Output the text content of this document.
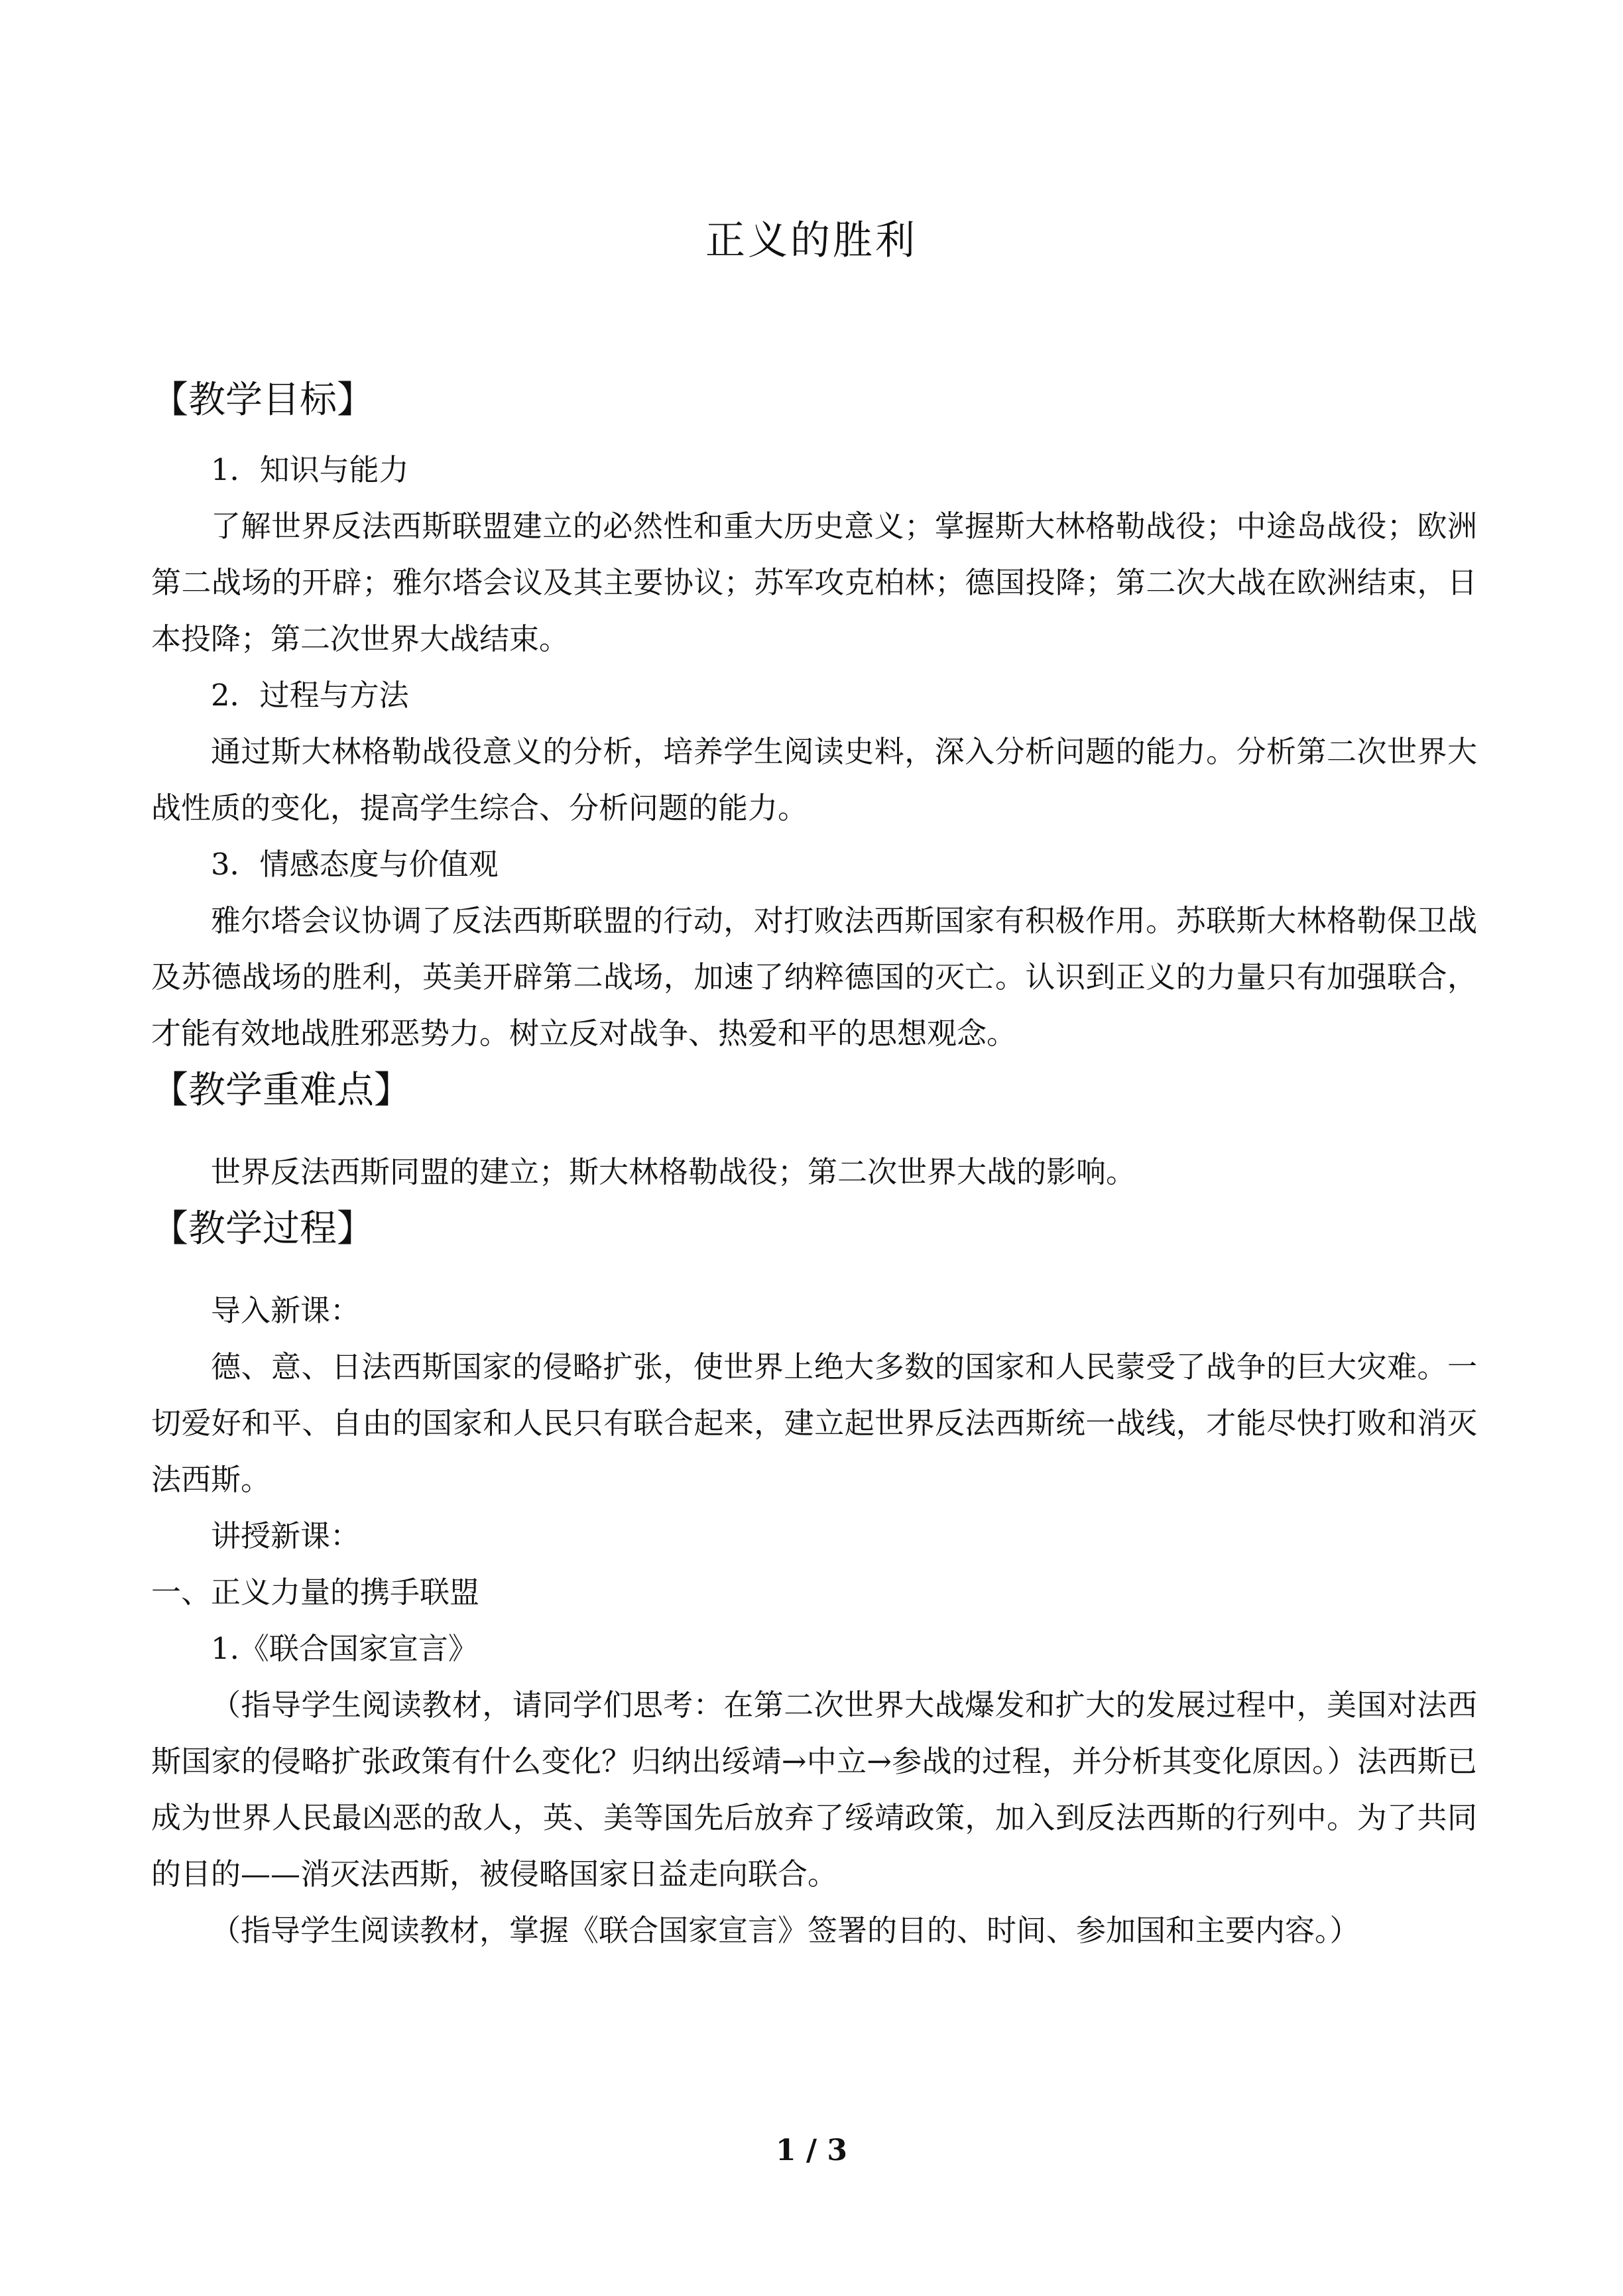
正义的胜利
【教学目标】

1．知识与能力

了解世界反法西斯联盟建立的必然性和重大历史意义；掌握斯大林格勒战役；中途岛战役；欧洲第二战场的开辟；雅尔塔会议及其主要协议；苏军攻克柏林；德国投降；第二次大战在欧洲结束，日本投降；第二次世界大战结束。

2．过程与方法

通过斯大林格勒战役意义的分析，培养学生阅读史料，深入分析问题的能力。分析第二次世界大战性质的变化，提高学生综合、分析问题的能力。

3．情感态度与价值观

雅尔塔会议协调了反法西斯联盟的行动，对打败法西斯国家有积极作用。苏联斯大林格勒保卫战及苏德战场的胜利，英美开辟第二战场，加速了纳粹德国的灭亡。认识到正义的力量只有加强联合，才能有效地战胜邪恶势力。树立反对战争、热爱和平的思想观念。

【教学重难点】

世界反法西斯同盟的建立；斯大林格勒战役；第二次世界大战的影响。

【教学过程】

导入新课：

德、意、日法西斯国家的侵略扩张，使世界上绝大多数的国家和人民蒙受了战争的巨大灾难。一切爱好和平、自由的国家和人民只有联合起来，建立起世界反法西斯统一战线，才能尽快打败和消灭法西斯。

讲授新课：

一、正义力量的携手联盟

1.《联合国家宣言》

（指导学生阅读教材，请同学们思考：在第二次世界大战爆发和扩大的发展过程中，美国对法西斯国家的侵略扩张政策有什么变化？归纳出绥靖→中立→参战的过程，并分析其变化原因。）法西斯已成为世界人民最凶恶的敌人，英、美等国先后放弃了绥靖政策，加入到反法西斯的行列中。为了共同的目的——消灭法西斯，被侵略国家日益走向联合。

（指导学生阅读教材，掌握《联合国家宣言》签署的目的、时间、参加国和主要内容。）

1 / 3
